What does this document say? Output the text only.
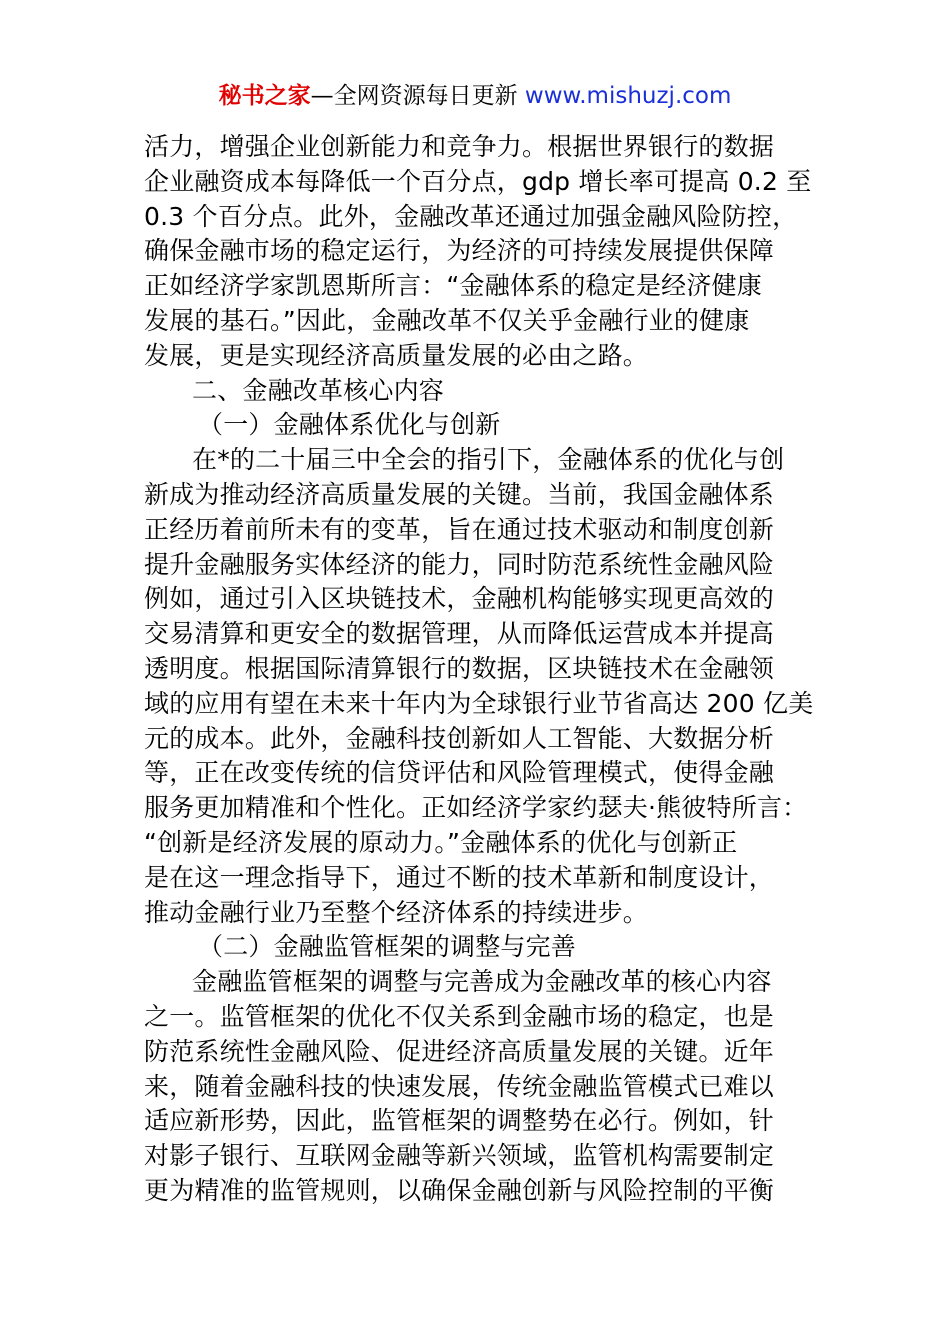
秘书之家—全网资源每日更新 www.mishuzj.com
活力，增强企业创新能力和竞争力。根据世界银行的数据
企业融资成本每降低一个百分点，gdp 增长率可提高 0.2 至
0.3 个百分点。此外，金融改革还通过加强金融风险防控，
确保金融市场的稳定运行，为经济的可持续发展提供保障
正如经济学家凯恩斯所言：“金融体系的稳定是经济健康
发展的基石。”因此，金融改革不仅关乎金融行业的健康
发展，更是实现经济高质量发展的必由之路。
二、金融改革核心内容
（一）金融体系优化与创新
在*的二十届三中全会的指引下，金融体系的优化与创
新成为推动经济高质量发展的关键。当前，我国金融体系
正经历着前所未有的变革，旨在通过技术驱动和制度创新
提升金融服务实体经济的能力，同时防范系统性金融风险
例如，通过引入区块链技术，金融机构能够实现更高效的
交易清算和更安全的数据管理，从而降低运营成本并提高
透明度。根据国际清算银行的数据，区块链技术在金融领
域的应用有望在未来十年内为全球银行业节省高达 200 亿美
元的成本。此外，金融科技创新如人工智能、大数据分析
等，正在改变传统的信贷评估和风险管理模式，使得金融
服务更加精准和个性化。正如经济学家约瑟夫·熊彼特所言：
“创新是经济发展的原动力。”金融体系的优化与创新正
是在这一理念指导下，通过不断的技术革新和制度设计，
推动金融行业乃至整个经济体系的持续进步。
（二）金融监管框架的调整与完善
金融监管框架的调整与完善成为金融改革的核心内容
之一。监管框架的优化不仅关系到金融市场的稳定，也是
防范系统性金融风险、促进经济高质量发展的关键。近年
来，随着金融科技的快速发展，传统金融监管模式已难以
适应新形势，因此，监管框架的调整势在必行。例如，针
对影子银行、互联网金融等新兴领域，监管机构需要制定
更为精准的监管规则，以确保金融创新与风险控制的平衡
